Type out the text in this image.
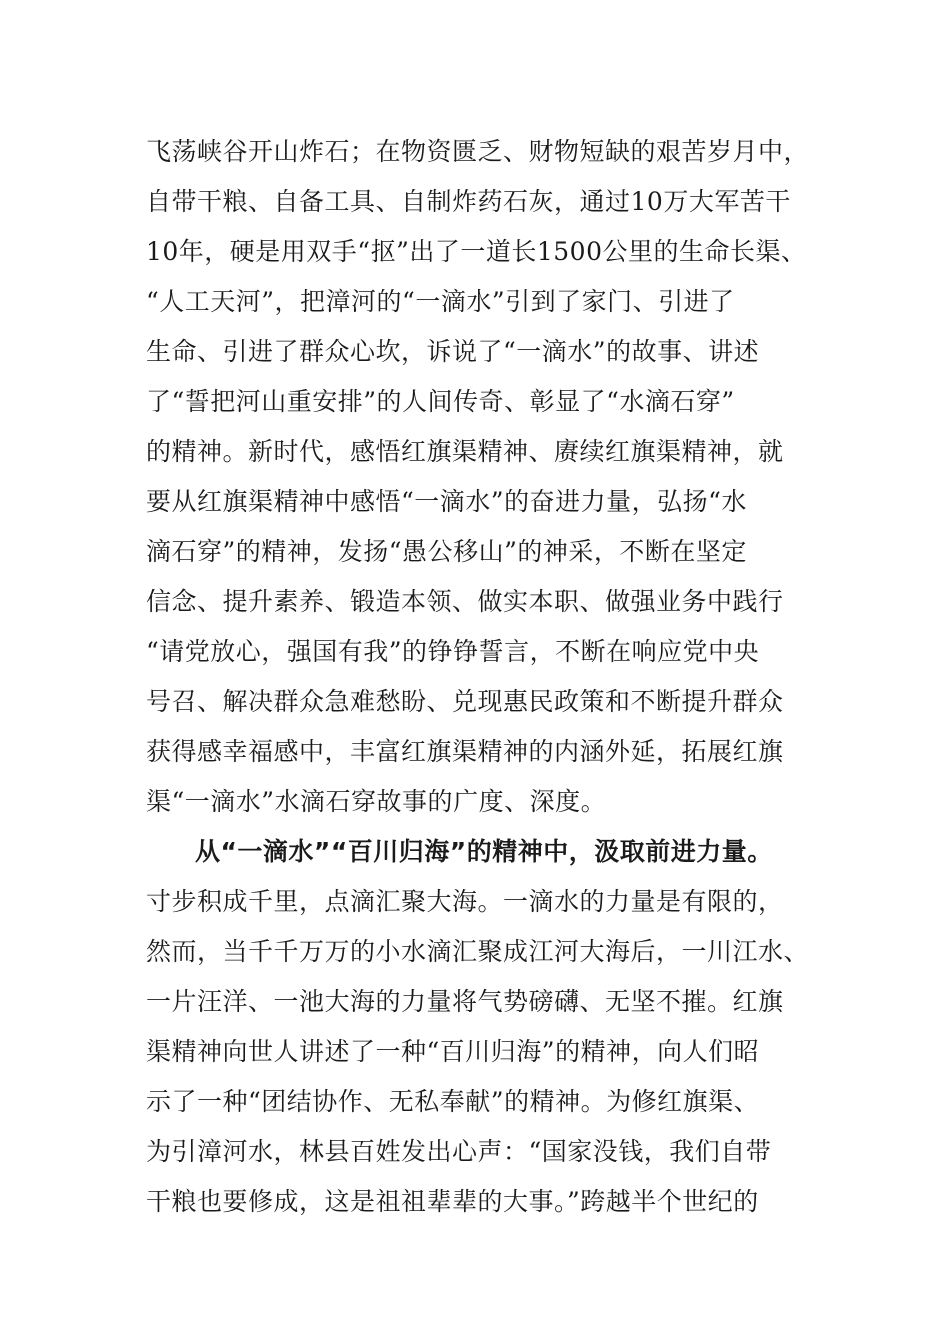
飞荡峡谷开山炸石；在物资匮乏、财物短缺的艰苦岁月中，
自带干粮、自备工具、自制炸药石灰，通过10万大军苦干
10年，硬是用双手“抠”出了一道长1500公里的生命长渠、
“人工天河”，把漳河的“一滴水”引到了家门、引进了
生命、引进了群众心坎，诉说了“一滴水”的故事、讲述
了“誓把河山重安排”的人间传奇、彰显了“水滴石穿”
的精神。新时代，感悟红旗渠精神、赓续红旗渠精神，就
要从红旗渠精神中感悟“一滴水”的奋进力量，弘扬“水
滴石穿”的精神，发扬“愚公移山”的神采，不断在坚定
信念、提升素养、锻造本领、做实本职、做强业务中践行
“请党放心，强国有我”的铮铮誓言，不断在响应党中央
号召、解决群众急难愁盼、兑现惠民政策和不断提升群众
获得感幸福感中，丰富红旗渠精神的内涵外延，拓展红旗
渠“一滴水”水滴石穿故事的广度、深度。
从“一滴水”“百川归海”的精神中，汲取前进力量。
寸步积成千里，点滴汇聚大海。一滴水的力量是有限的，
然而，当千千万万的小水滴汇聚成江河大海后，一川江水、
一片汪洋、一池大海的力量将气势磅礴、无坚不摧。红旗
渠精神向世人讲述了一种“百川归海”的精神，向人们昭
示了一种“团结协作、无私奉献”的精神。为修红旗渠、
为引漳河水，林县百姓发出心声：“国家没钱，我们自带
干粮也要修成，这是祖祖辈辈的大事。”跨越半个世纪的
